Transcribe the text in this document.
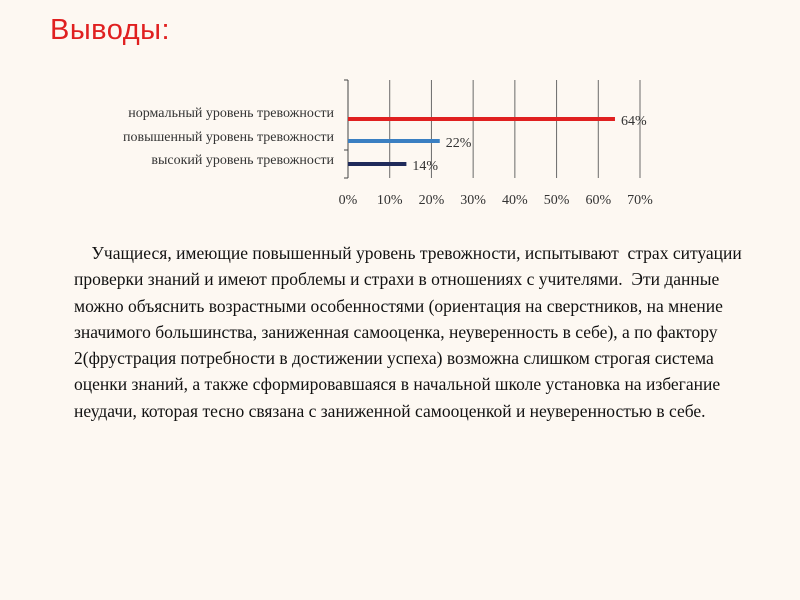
Выводы:
0% 10% 20% 30% 40% 50% 60% 70%
нормальный уровень тревожности
64%
повышенный уровень тревожности	22%
высокий уровень тревожности	14%
Учащиеся, имеющие повышенный уровень тревожности, испытывают  страх ситуации проверки знаний и имеют проблемы и страхи в отношениях с учителями.  Эти данные можно объяснить возрастными особенностями (ориентация на сверстников, на мнение значимого большинства, заниженная самооценка, неуверенность в себе), а по фактору 2(фрустрация потребности в достижении успеха) возможна слишком строгая система оценки знаний, а также сформировавшаяся в начальной школе установка на избегание неудачи, которая тесно связана с заниженной самооценкой и неуверенностью в себе.
